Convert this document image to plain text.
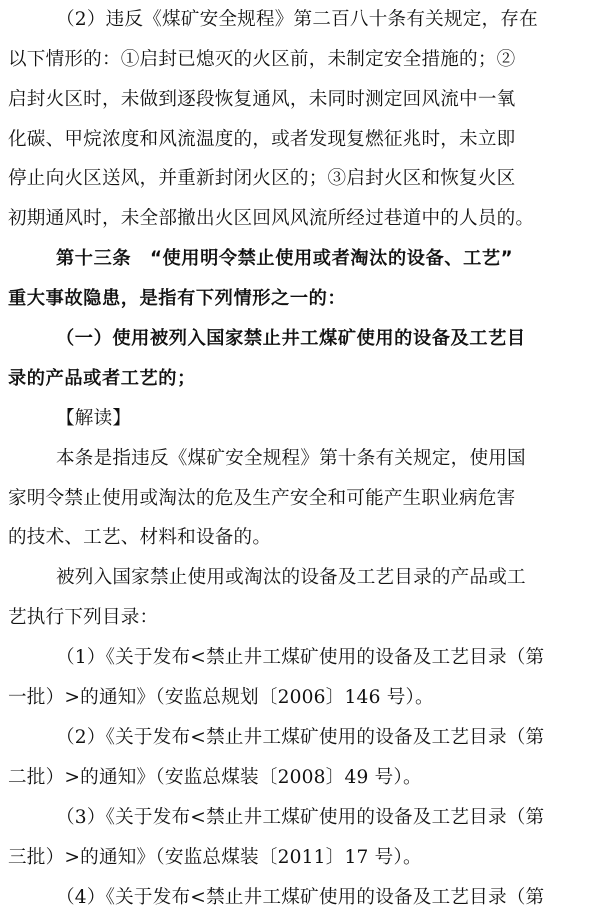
（2）违反《煤矿安全规程》第二百八十条有关规定，存在
以下情形的：①启封已熄灭的火区前，未制定安全措施的；②
启封火区时，未做到逐段恢复通风，未同时测定回风流中一氧
化碳、甲烷浓度和风流温度的，或者发现复燃征兆时，未立即
停止向火区送风，并重新封闭火区的；③启封火区和恢复火区
初期通风时，未全部撤出火区回风风流所经过巷道中的人员的。
第十三条　“使用明令禁止使用或者淘汰的设备、工艺”
重大事故隐患，是指有下列情形之一的：
（一）使用被列入国家禁止井工煤矿使用的设备及工艺目
录的产品或者工艺的；
【解读】
本条是指违反《煤矿安全规程》第十条有关规定，使用国
家明令禁止使用或淘汰的危及生产安全和可能产生职业病危害
的技术、工艺、材料和设备的。
被列入国家禁止使用或淘汰的设备及工艺目录的产品或工
艺执行下列目录：
（1）《关于发布<禁止井工煤矿使用的设备及工艺目录（第
一批）>的通知》（安监总规划〔2006〕146 号）。
（2）《关于发布<禁止井工煤矿使用的设备及工艺目录（第
二批）>的通知》（安监总煤装〔2008〕49 号）。
（3）《关于发布<禁止井工煤矿使用的设备及工艺目录（第
三批）>的通知》（安监总煤装〔2011〕17 号）。
（4）《关于发布<禁止井工煤矿使用的设备及工艺目录（第
